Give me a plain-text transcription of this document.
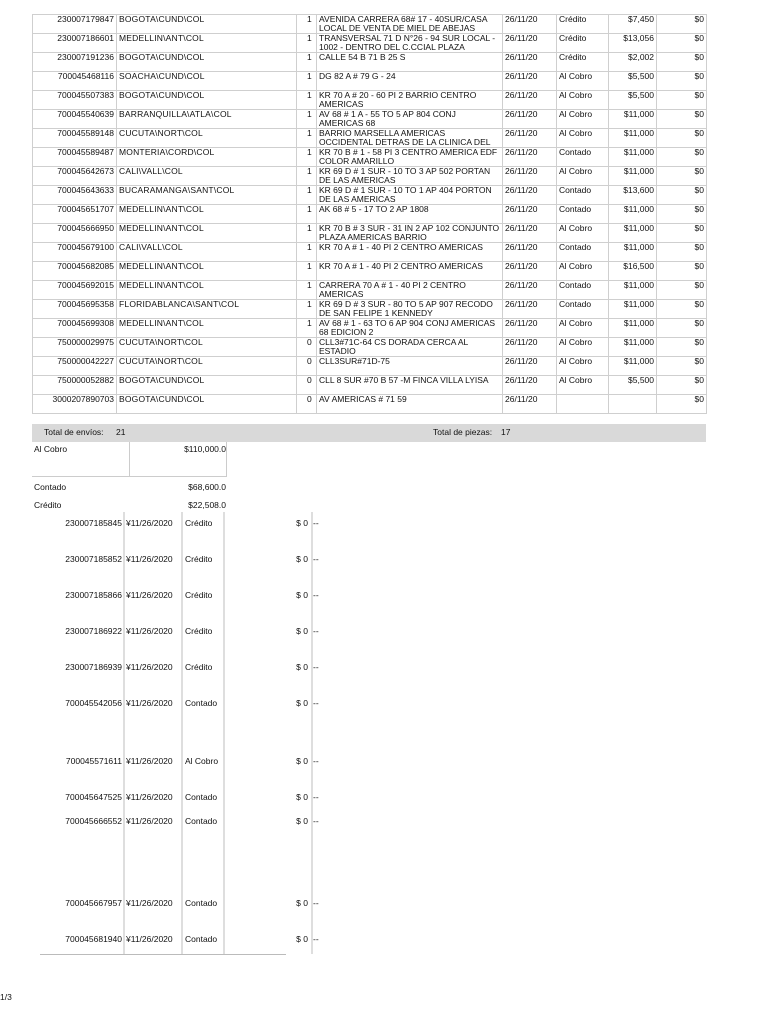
230007179847	BOGOTA\CUND\COL	1	AVENIDA CARRERA 68# 17 - 40SUR/CASA LOCAL DE VENTA DE MIEL DE ABEJAS	26/11/20	Crédito	$7,450	$0
230007186601	MEDELLIN\ANT\COL	1	TRANSVERSAL 71 D N°26 - 94 SUR LOCAL - 1002 - DENTRO DEL C.CCIAL PLAZA	26/11/20	Crédito	$13,056	$0
230007191236	BOGOTA\CUND\COL	1	CALLE 54 B 71 B 25 S	26/11/20	Crédito	$2,002	$0
700045468116	SOACHA\CUND\COL	1	DG 82 A # 79 G - 24	26/11/20	Al Cobro	$5,500	$0
700045507383	BOGOTA\CUND\COL	1	KR 70 A # 20 - 60 PI 2 BARRIO CENTRO AMERICAS	26/11/20	Al Cobro	$5,500	$0
700045540639	BARRANQUILLA\ATLA\COL	1	AV 68 # 1 A - 55 TO 5 AP 804 CONJ AMERICAS 68	26/11/20	Al Cobro	$11,000	$0
700045589148	CUCUTA\NORT\COL	1	BARRIO MARSELLA AMERICAS OCCIDENTAL DETRAS DE LA CLINICA DEL	26/11/20	Al Cobro	$11,000	$0
700045589487	MONTERIA\CORD\COL	1	KR 70 B # 1 - 58 PI 3 CENTRO AMERICA EDF COLOR AMARILLO	26/11/20	Contado	$11,000	$0
700045642673	CALI\VALL\COL	1	KR 69 D # 1 SUR - 10 TO 3 AP 502 PORTAN DE LAS AMERICAS	26/11/20	Al Cobro	$11,000	$0
700045643633	BUCARAMANGA\SANT\COL	1	KR 69 D # 1 SUR - 10 TO 1 AP 404 PORTON DE LAS AMERICAS	26/11/20	Contado	$13,600	$0
700045651707	MEDELLIN\ANT\COL	1	AK 68 # 5 - 17 TO 2 AP 1808	26/11/20	Contado	$11,000	$0
700045666950	MEDELLIN\ANT\COL	1	KR 70 B # 3 SUR - 31 IN 2 AP 102 CONJUNTO PLAZA AMERICAS BARRIO	26/11/20	Al Cobro	$11,000	$0
700045679100	CALI\VALL\COL	1	KR 70 A # 1 - 40 PI 2 CENTRO AMERICAS	26/11/20	Contado	$11,000	$0
700045682085	MEDELLIN\ANT\COL	1	KR 70 A # 1 - 40 PI 2 CENTRO AMERICAS	26/11/20	Al Cobro	$16,500	$0
700045692015	MEDELLIN\ANT\COL	1	CARRERA 70 A # 1 - 40 PI 2 CENTRO AMERICAS	26/11/20	Contado	$11,000	$0
700045695358	FLORIDABLANCA\SANT\COL	1	KR 69 D # 3 SUR - 80 TO 5 AP 907 RECODO DE SAN FELIPE 1 KENNEDY	26/11/20	Contado	$11,000	$0
700045699308	MEDELLIN\ANT\COL	1	AV 68 # 1 - 63 TO 6 AP 904 CONJ AMERICAS 68 EDICION 2	26/11/20	Al Cobro	$11,000	$0
750000029975	CUCUTA\NORT\COL	0	CLL3#71C-64 CS DORADA CERCA AL ESTADIO	26/11/20	Al Cobro	$11,000	$0
750000042227	CUCUTA\NORT\COL	0	CLL3SUR#71D-75	26/11/20	Al Cobro	$11,000	$0
750000052882	BOGOTA\CUND\COL	0	CLL 8 SUR #70 B 57 -M FINCA VILLA LYISA	26/11/20	Al Cobro	$5,500	$0
3000207890703	BOGOTA\CUND\COL	0	AV AMERICAS # 71 59	26/11/20			$0
Total de envíos: 21	Total de piezas: 17
Al Cobro	$110,000.0
Contado	$68,600.0
Crédito	$22,508.0
230007185845 ¥11/26/2020	Crédito	$ 0 --
230007185852 ¥11/26/2020	Crédito	$ 0 --
230007185866 ¥11/26/2020	Crédito	$ 0 --
230007186922 ¥11/26/2020	Crédito	$ 0 --
230007186939 ¥11/26/2020	Crédito	$ 0 --
700045542056 ¥11/26/2020	Contado	$ 0 --
700045571611 ¥11/26/2020	Al Cobro	$ 0 --
700045647525 ¥11/26/2020	Contado	$ 0 --
700045666552 ¥11/26/2020	Contado	$ 0 --
700045667957 ¥11/26/2020	Contado	$ 0 --
700045681940 ¥11/26/2020	Contado	$ 0 --
1/3
